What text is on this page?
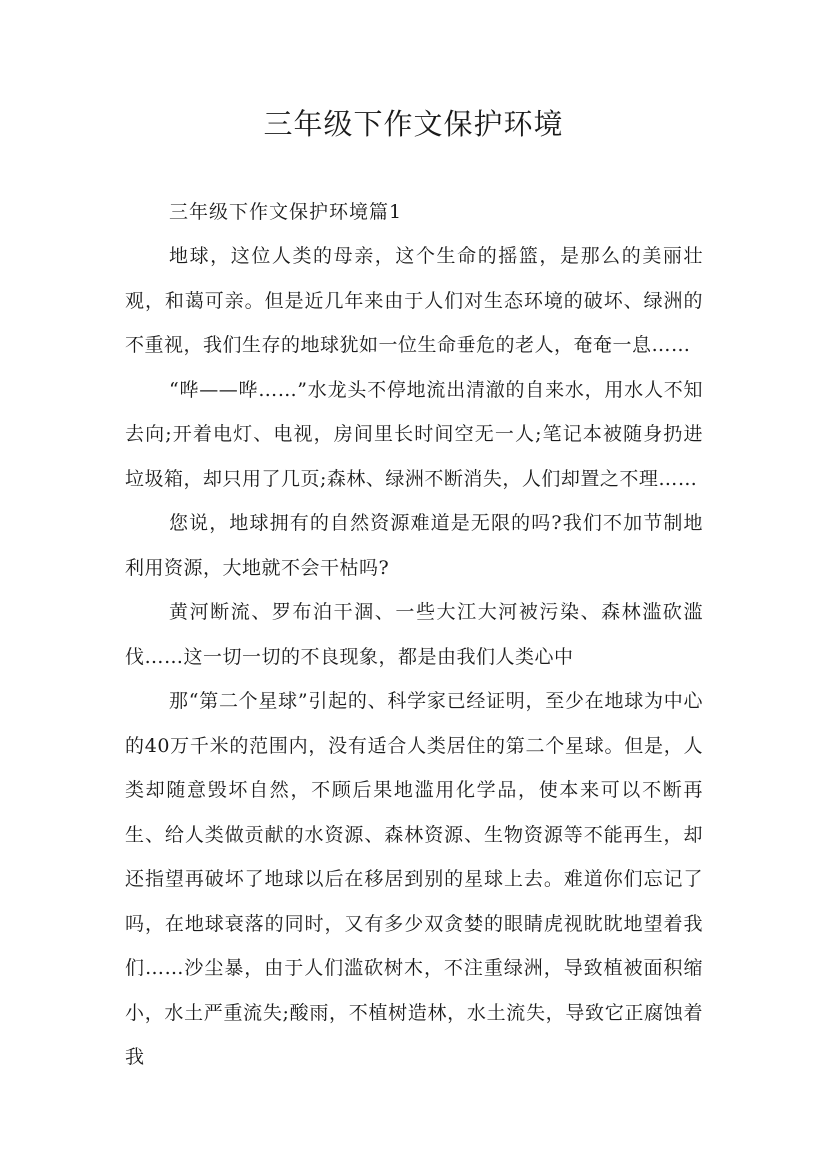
三年级下作文保护环境
三年级下作文保护环境篇1

地球，这位人类的母亲，这个生命的摇篮，是那么的美丽壮观，和蔼可亲。但是近几年来由于人们对生态环境的破坏、绿洲的不重视，我们生存的地球犹如一位生命垂危的老人，奄奄一息……

“哗——哗……”水龙头不停地流出清澈的自来水，用水人不知去向;开着电灯、电视，房间里长时间空无一人;笔记本被随身扔进垃圾箱，却只用了几页;森林、绿洲不断消失，人们却置之不理……

您说，地球拥有的自然资源难道是无限的吗?我们不加节制地利用资源，大地就不会干枯吗?

黄河断流、罗布泊干涸、一些大江大河被污染、森林滥砍滥伐……这一切一切的不良现象，都是由我们人类心中

那“第二个星球”引起的、科学家已经证明，至少在地球为中心的40万千米的范围内，没有适合人类居住的第二个星球。但是，人类却随意毁坏自然，不顾后果地滥用化学品，使本来可以不断再生、给人类做贡献的水资源、森林资源、生物资源等不能再生，却还指望再破坏了地球以后在移居到别的星球上去。难道你们忘记了吗，在地球衰落的同时，又有多少双贪婪的眼睛虎视眈眈地望着我们……沙尘暴，由于人们滥砍树木，不注重绿洲，导致植被面积缩小，水土严重流失;酸雨，不植树造林，水土流失，导致它正腐蚀着我
